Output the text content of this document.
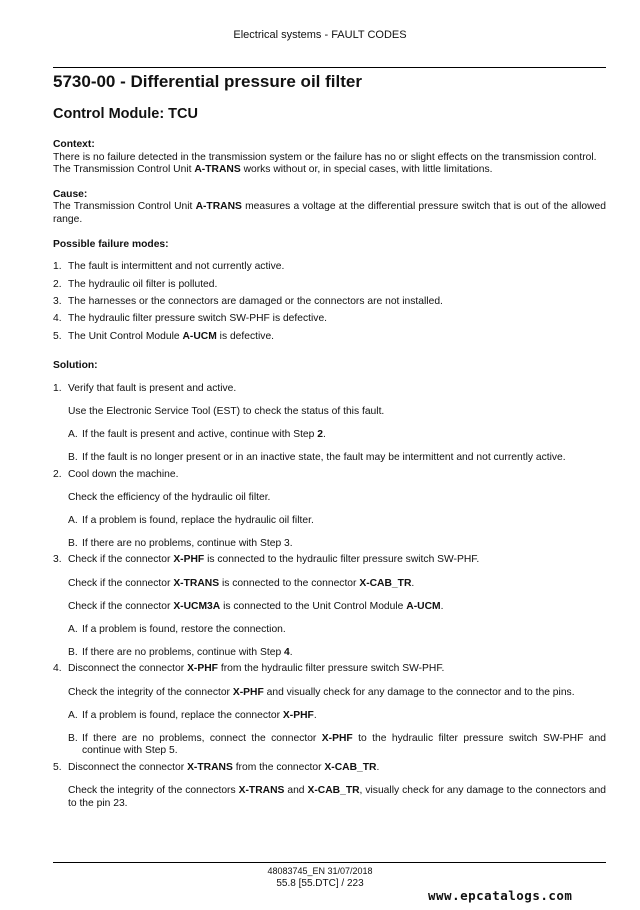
Electrical systems - FAULT CODES
5730-00 - Differential pressure oil filter
Control Module: TCU

Context:

There is no failure detected in the transmission system or the failure has no or slight effects on the transmission control.

The Transmission Control Unit A-TRANS works without or, in special cases, with little limitations.

Cause:

The Transmission Control Unit A-TRANS measures a voltage at the differential pressure switch that is out of the allowed range.

Possible failure modes:

1. The fault is intermittent and not currently active.
2. The hydraulic oil filter is polluted.
3. The harnesses or the connectors are damaged or the connectors are not installed.
4. The hydraulic filter pressure switch SW-PHF is defective.
5. The Unit Control Module A-UCM is defective.

Solution:

1. Verify that fault is present and active.
Use the Electronic Service Tool (EST) to check the status of this fault.
A. If the fault is present and active, continue with Step 2.
B. If the fault is no longer present or in an inactive state, the fault may be intermittent and not currently active.
2. Cool down the machine.
Check the efficiency of the hydraulic oil filter.
A. If a problem is found, replace the hydraulic oil filter.
B. If there are no problems, continue with Step 3.
3. Check if the connector X-PHF is connected to the hydraulic filter pressure switch SW-PHF.
Check if the connector X-TRANS is connected to the connector X-CAB_TR.
Check if the connector X-UCM3A is connected to the Unit Control Module A-UCM.
A. If a problem is found, restore the connection.
B. If there are no problems, continue with Step 4.
4. Disconnect the connector X-PHF from the hydraulic filter pressure switch SW-PHF.
Check the integrity of the connector X-PHF and visually check for any damage to the connector and to the pins.
A. If a problem is found, replace the connector X-PHF.
B. If there are no problems, connect the connector X-PHF to the hydraulic filter pressure switch SW-PHF and continue with Step 5.
5. Disconnect the connector X-TRANS from the connector X-CAB_TR.
Check the integrity of the connectors X-TRANS and X-CAB_TR, visually check for any damage to the connectors and to the pin 23.
48083745_EN 31/07/2018
55.8 [55.DTC] / 223
www.epcatalogs.com
